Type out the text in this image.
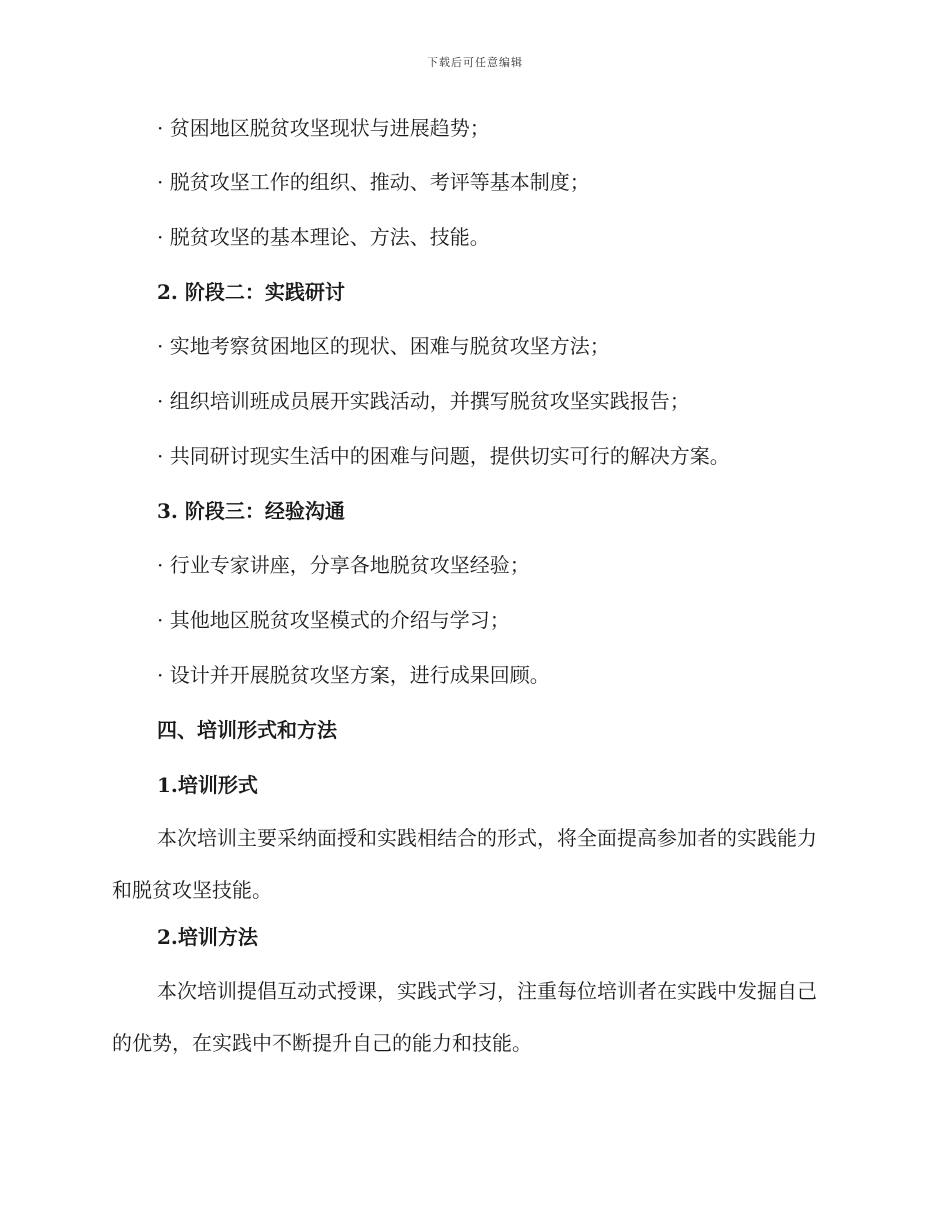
下载后可任意编辑
· 贫困地区脱贫攻坚现状与进展趋势；
· 脱贫攻坚工作的组织、推动、考评等基本制度；
· 脱贫攻坚的基本理论、方法、技能。
2. 阶段二：实践研讨
· 实地考察贫困地区的现状、困难与脱贫攻坚方法；
· 组织培训班成员展开实践活动，并撰写脱贫攻坚实践报告；
· 共同研讨现实生活中的困难与问题，提供切实可行的解决方案。
3. 阶段三：经验沟通
· 行业专家讲座，分享各地脱贫攻坚经验；
· 其他地区脱贫攻坚模式的介绍与学习；
· 设计并开展脱贫攻坚方案，进行成果回顾。
四、培训形式和方法
1.培训形式
本次培训主要采纳面授和实践相结合的形式，将全面提高参加者的实践能力和脱贫攻坚技能。
2.培训方法
本次培训提倡互动式授课，实践式学习，注重每位培训者在实践中发掘自己的优势，在实践中不断提升自己的能力和技能。
